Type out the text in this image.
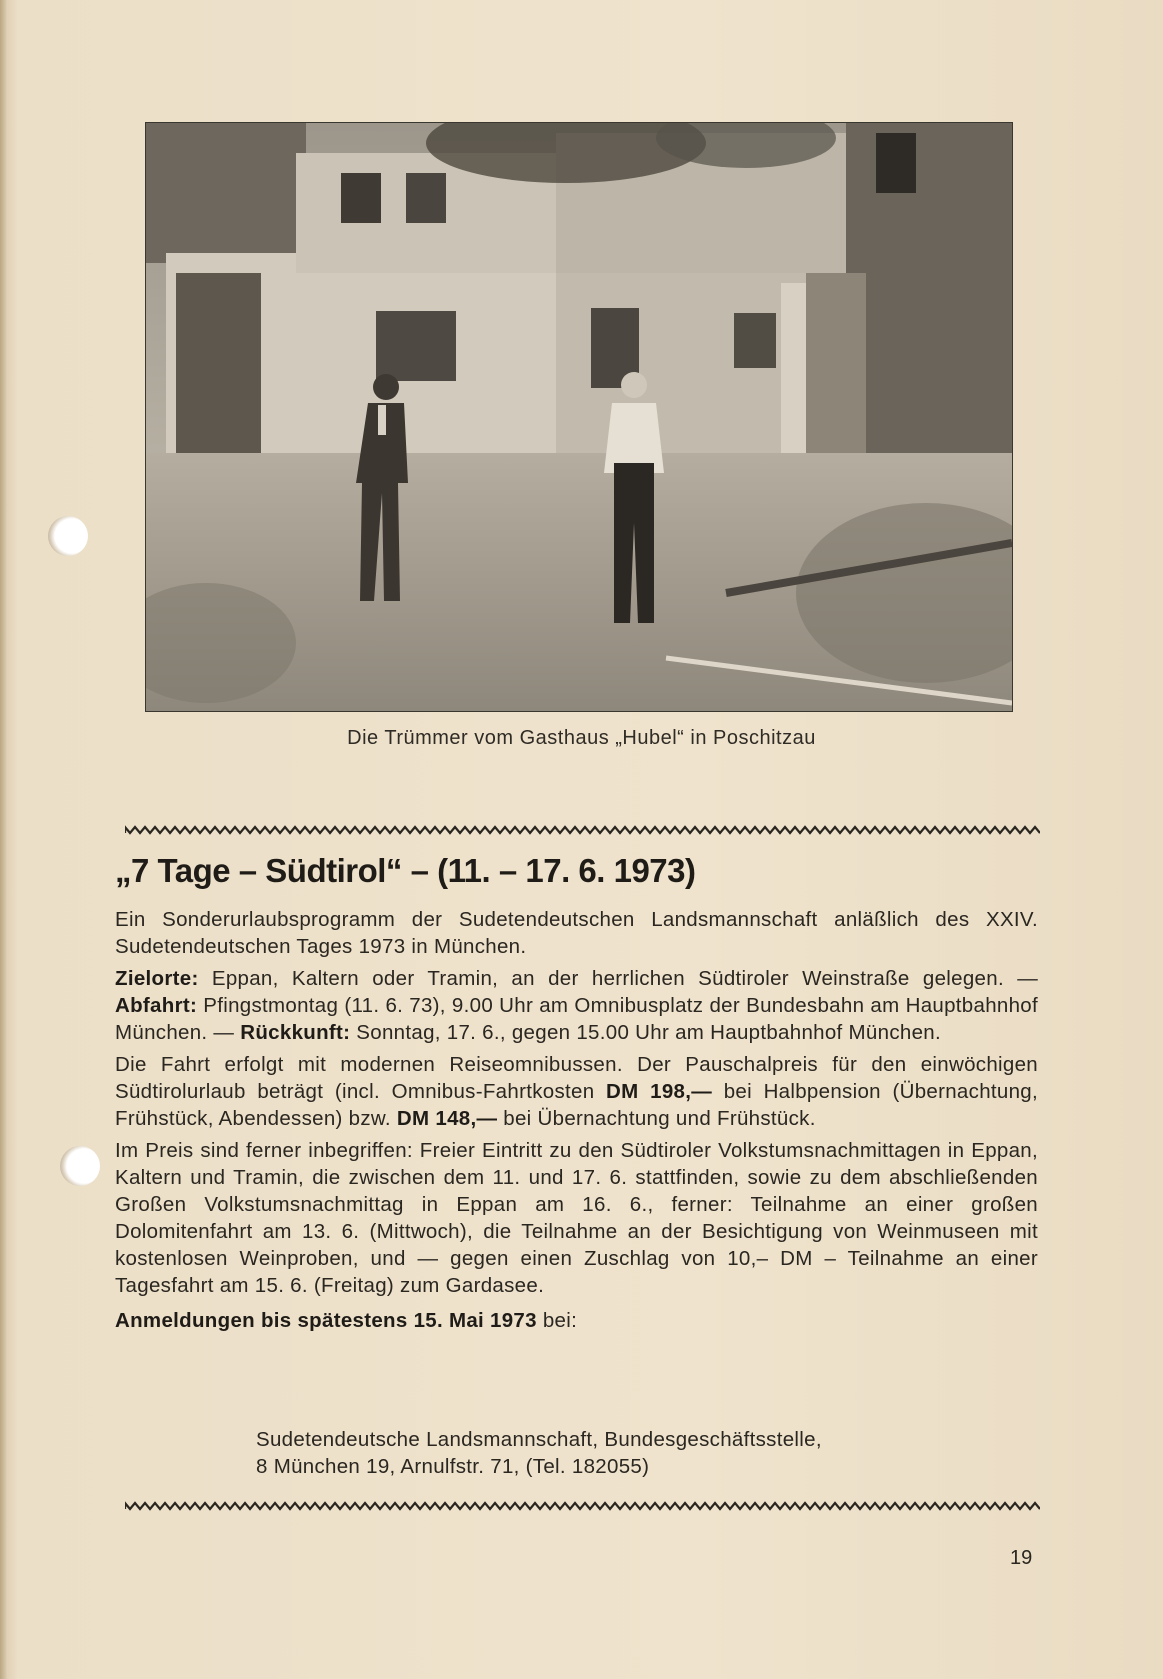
Die Trümmer vom Gasthaus „Hubel“ in Poschitzau
„7 Tage – Südtirol“ – (11. – 17. 6. 1973)

Ein Sonderurlaubsprogramm der Sudetendeutschen Landsmannschaft anläßlich des XXIV. Sudetendeutschen Tages 1973 in München.

Zielorte: Eppan, Kaltern oder Tramin, an der herrlichen Südtiroler Weinstraße gelegen. — Abfahrt: Pfingstmontag (11. 6. 73), 9.00 Uhr am Omnibusplatz der Bundesbahn am Hauptbahnhof München. — Rückkunft: Sonntag, 17. 6., gegen 15.00 Uhr am Hauptbahnhof München.

Die Fahrt erfolgt mit modernen Reiseomnibussen. Der Pauschalpreis für den einwöchigen Südtirolurlaub beträgt (incl. Omnibus-Fahrtkosten DM 198,— bei Halbpension (Übernachtung, Frühstück, Abendessen) bzw. DM 148,— bei Übernachtung und Frühstück.

Im Preis sind ferner inbegriffen: Freier Eintritt zu den Südtiroler Volkstumsnachmittagen in Eppan, Kaltern und Tramin, die zwischen dem 11. und 17. 6. stattfinden, sowie zu dem abschließenden Großen Volkstumsnachmittag in Eppan am 16. 6., ferner: Teilnahme an einer großen Dolomitenfahrt am 13. 6. (Mittwoch), die Teilnahme an der Besichtigung von Weinmuseen mit kostenlosen Weinproben, und — gegen einen Zuschlag von 10,– DM – Teilnahme an einer Tagesfahrt am 15. 6. (Freitag) zum Gardasee.

Anmeldungen bis spätestens 15. Mai 1973 bei:

Sudetendeutsche Landsmannschaft, Bundesgeschäftsstelle,
8 München 19, Arnulfstr. 71, (Tel. 182055)
19
